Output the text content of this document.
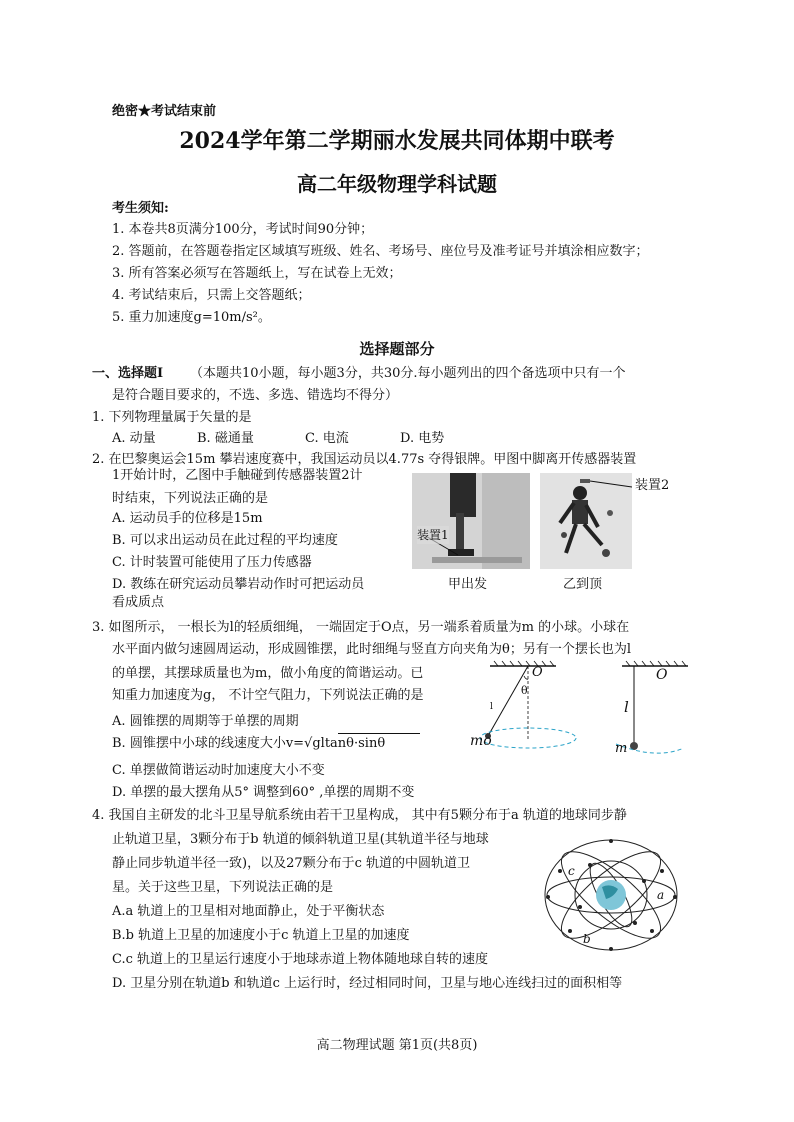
绝密★考试结束前
2024学年第二学期丽水发展共同体期中联考
高二年级物理学科试题
考生须知:
1. 本卷共8页满分100分，考试时间90分钟；
2. 答题前，在答题卷指定区域填写班级、姓名、考场号、座位号及准考证号并填涂相应数字；
3. 所有答案必须写在答题纸上，写在试卷上无效；
4. 考试结束后，只需上交答题纸；
5. 重力加速度g=10m/s²。
选择题部分
一、选择题Ⅰ （本题共10小题，每小题3分，共30分.每小题列出的四个备选项中只有一个
是符合题目要求的，不选、多选、错选均不得分）
1. 下列物理量属于矢量的是
A. 动量	B. 磁通量	C. 电流	D. 电势
2. 在巴黎奥运会15m 攀岩速度赛中，我国运动员以4.77s 夺得银牌。甲图中脚离开传感器装置
1开始计时，乙图中手触碰到传感器装置2计
时结束，下列说法正确的是
A. 运动员手的位移是15m
B. 可以求出运动员在此过程的平均速度
C. 计时装置可能使用了压力传感器
D. 教练在研究运动员攀岩动作时可把运动员
看成质点
装置1
装置2
甲出发	乙到顶
3. 如图所示， 一根长为l的轻质细绳， 一端固定于O点，另一端系着质量为m 的小球。小球在
水平面内做匀速圆周运动，形成圆锥摆，此时细绳与竖直方向夹角为θ；另有一个摆长也为l
的单摆，其摆球质量也为m，做小角度的简谐运动。已
知重力加速度为g， 不计空气阻力，下列说法正确的是
A. 圆锥摆的周期等于单摆的周期
B. 圆锥摆中小球的线速度大小v=√gltanθ·sinθ
C. 单摆做简谐运动时加速度大小不变
D. 单摆的最大摆角从5° 调整到60° ,单摆的周期不变
O
θ
l
mo
O
l
m
4. 我国自主研发的北斗卫星导航系统由若干卫星构成， 其中有5颗分布于a 轨道的地球同步静
止轨道卫星，3颗分布于b 轨道的倾斜轨道卫星(其轨道半径与地球
静止同步轨道半径一致)，以及27颗分布于c 轨道的中圆轨道卫
星。关于这些卫星，下列说法正确的是
A.a 轨道上的卫星相对地面静止，处于平衡状态
B.b 轨道上卫星的加速度小于c 轨道上卫星的加速度
C.c 轨道上的卫星运行速度小于地球赤道上物体随地球自转的速度
D. 卫星分别在轨道b 和轨道c 上运行时，经过相同时间，卫星与地心连线扫过的面积相等
a
b
c
高二物理试题 第1页(共8页)
